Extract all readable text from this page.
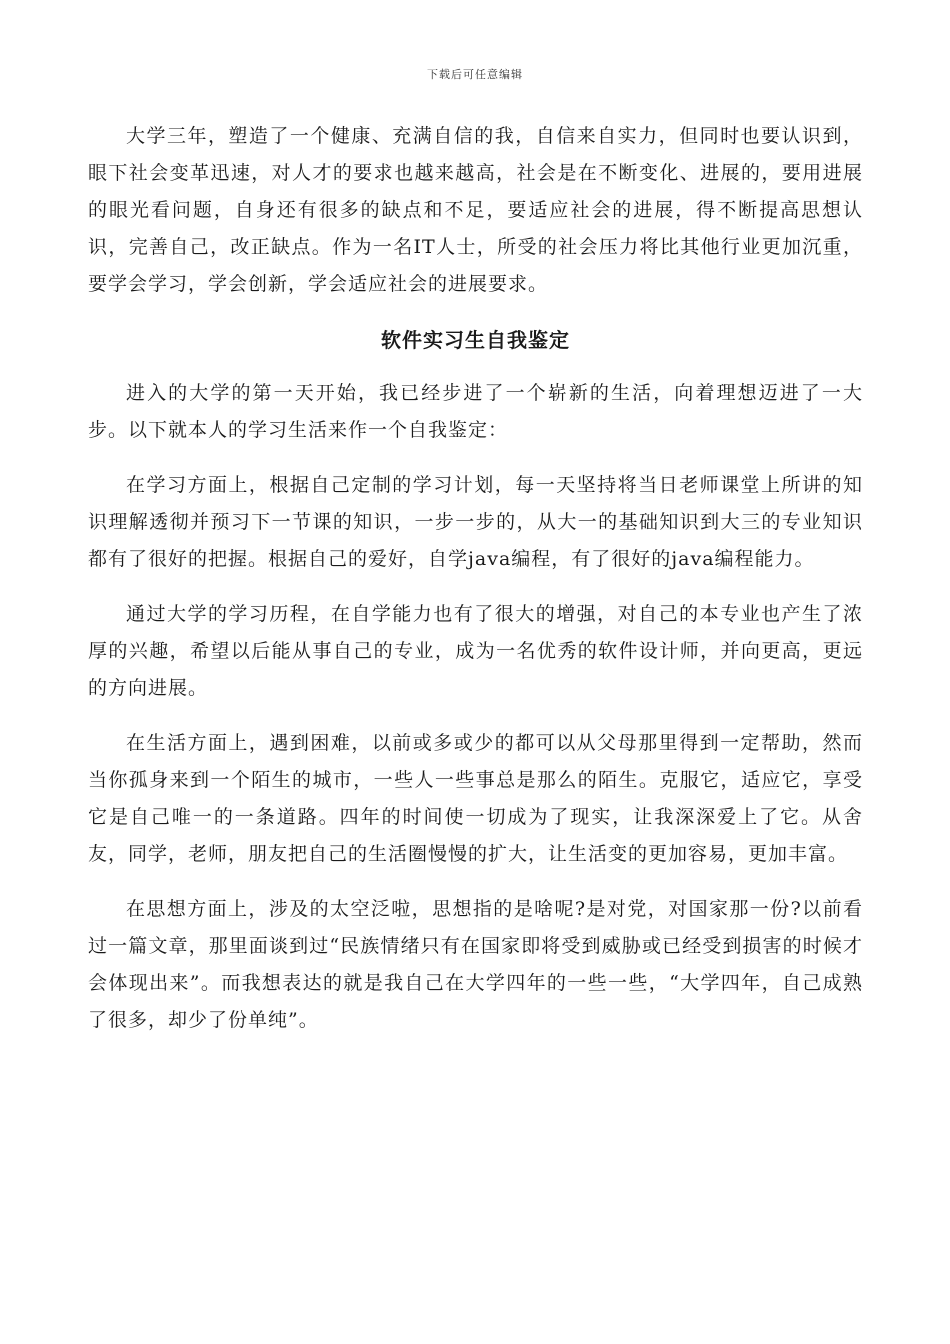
下载后可任意编辑

大学三年，塑造了一个健康、充满自信的我，自信来自实力，但同时也要认识到，眼下社会变革迅速，对人才的要求也越来越高，社会是在不断变化、进展的，要用进展的眼光看问题，自身还有很多的缺点和不足，要适应社会的进展，得不断提高思想认识，完善自己，改正缺点。作为一名IT人士，所受的社会压力将比其他行业更加沉重，要学会学习，学会创新，学会适应社会的进展要求。

软件实习生自我鉴定

进入的大学的第一天开始，我已经步进了一个崭新的生活，向着理想迈进了一大步。以下就本人的学习生活来作一个自我鉴定：

在学习方面上，根据自己定制的学习计划，每一天坚持将当日老师课堂上所讲的知识理解透彻并预习下一节课的知识，一步一步的，从大一的基础知识到大三的专业知识都有了很好的把握。根据自己的爱好，自学java编程，有了很好的java编程能力。

通过大学的学习历程，在自学能力也有了很大的增强，对自己的本专业也产生了浓厚的兴趣，希望以后能从事自己的专业，成为一名优秀的软件设计师，并向更高，更远的方向进展。

在生活方面上，遇到困难，以前或多或少的都可以从父母那里得到一定帮助，然而当你孤身来到一个陌生的城市，一些人一些事总是那么的陌生。克服它，适应它，享受它是自己唯一的一条道路。四年的时间使一切成为了现实，让我深深爱上了它。从舍友，同学，老师，朋友把自己的生活圈慢慢的扩大，让生活变的更加容易，更加丰富。

在思想方面上，涉及的太空泛啦，思想指的是啥呢?是对党，对国家那一份?以前看过一篇文章，那里面谈到过“民族情绪只有在国家即将受到威胁或已经受到损害的时候才会体现出来”。而我想表达的就是我自己在大学四年的一些一些，“大学四年，自己成熟了很多，却少了份单纯”。
